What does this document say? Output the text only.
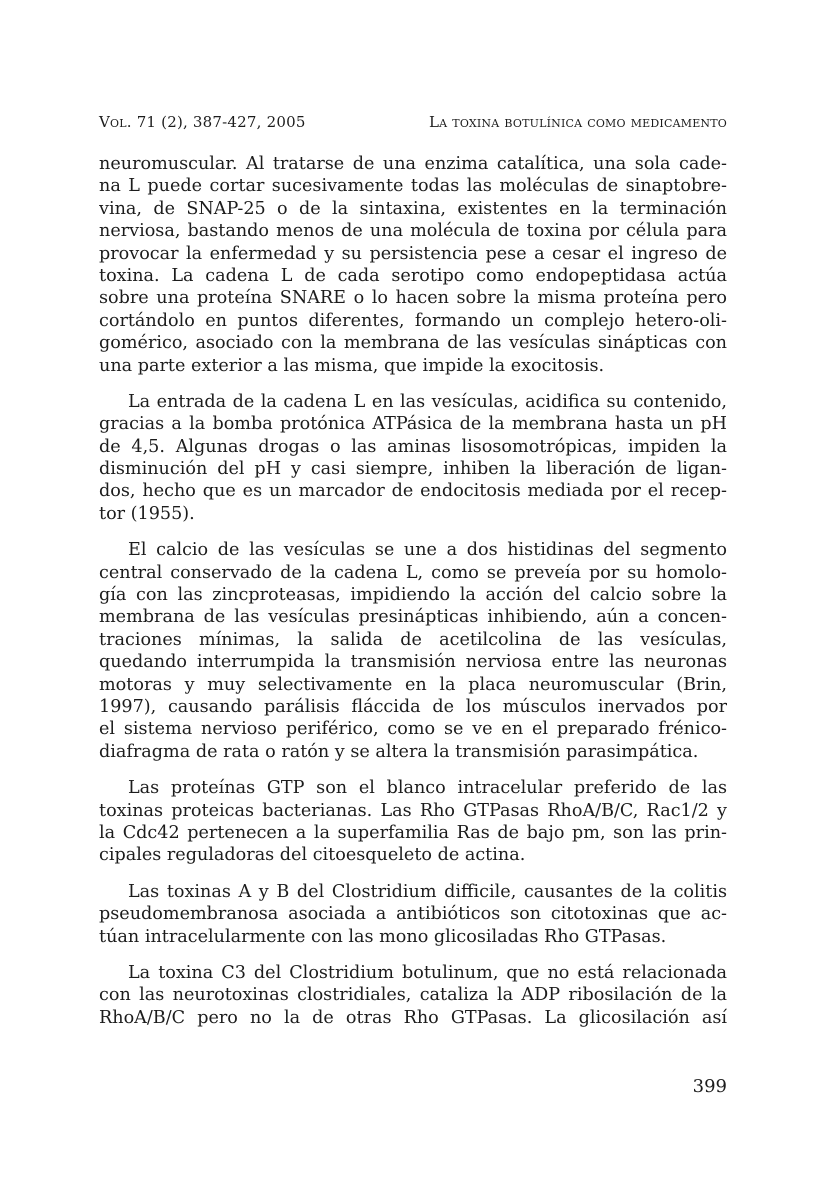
Vol. 71 (2), 387-427, 2005	La toxina botulínica como medicamento
neuromuscular. Al tratarse de una enzima catalítica, una sola cade-
na L puede cortar sucesivamente todas las moléculas de sinaptobre-
vina, de SNAP-25 o de la sintaxina, existentes en la terminación
nerviosa, bastando menos de una molécula de toxina por célula para
provocar la enfermedad y su persistencia pese a cesar el ingreso de
toxina. La cadena L de cada serotipo como endopeptidasa actúa
sobre una proteína SNARE o lo hacen sobre la misma proteína pero
cortándolo en puntos diferentes, formando un complejo hetero-oli-
gomérico, asociado con la membrana de las vesículas sinápticas con
una parte exterior a las misma, que impide la exocitosis.
La entrada de la cadena L en las vesículas, acidifica su contenido,
gracias a la bomba protónica ATPásica de la membrana hasta un pH
de 4,5. Algunas drogas o las aminas lisosomotrópicas, impiden la
disminución del pH y casi siempre, inhiben la liberación de ligan-
dos, hecho que es un marcador de endocitosis mediada por el recep-
tor (1955).
El calcio de las vesículas se une a dos histidinas del segmento
central conservado de la cadena L, como se preveía por su homolo-
gía con las zincproteasas, impidiendo la acción del calcio sobre la
membrana de las vesículas presinápticas inhibiendo, aún a concen-
traciones mínimas, la salida de acetilcolina de las vesículas,
quedando interrumpida la transmisión nerviosa entre las neuronas
motoras y muy selectivamente en la placa neuromuscular (Brin,
1997), causando parálisis fláccida de los músculos inervados por
el sistema nervioso periférico, como se ve en el preparado frénico-
diafragma de rata o ratón y se altera la transmisión parasimpática.
Las proteínas GTP son el blanco intracelular preferido de las
toxinas proteicas bacterianas. Las Rho GTPasas RhoA/B/C, Rac1/2 y
la Cdc42 pertenecen a la superfamilia Ras de bajo pm, son las prin-
cipales reguladoras del citoesqueleto de actina.
Las toxinas A y B del Clostridium difficile, causantes de la colitis
pseudomembranosa asociada a antibióticos son citotoxinas que ac-
túan intracelularmente con las mono glicosiladas Rho GTPasas.
La toxina C3 del Clostridium botulinum, que no está relacionada
con las neurotoxinas clostridiales, cataliza la ADP ribosilación de la
RhoA/B/C pero no la de otras Rho GTPasas. La glicosilación así
399
